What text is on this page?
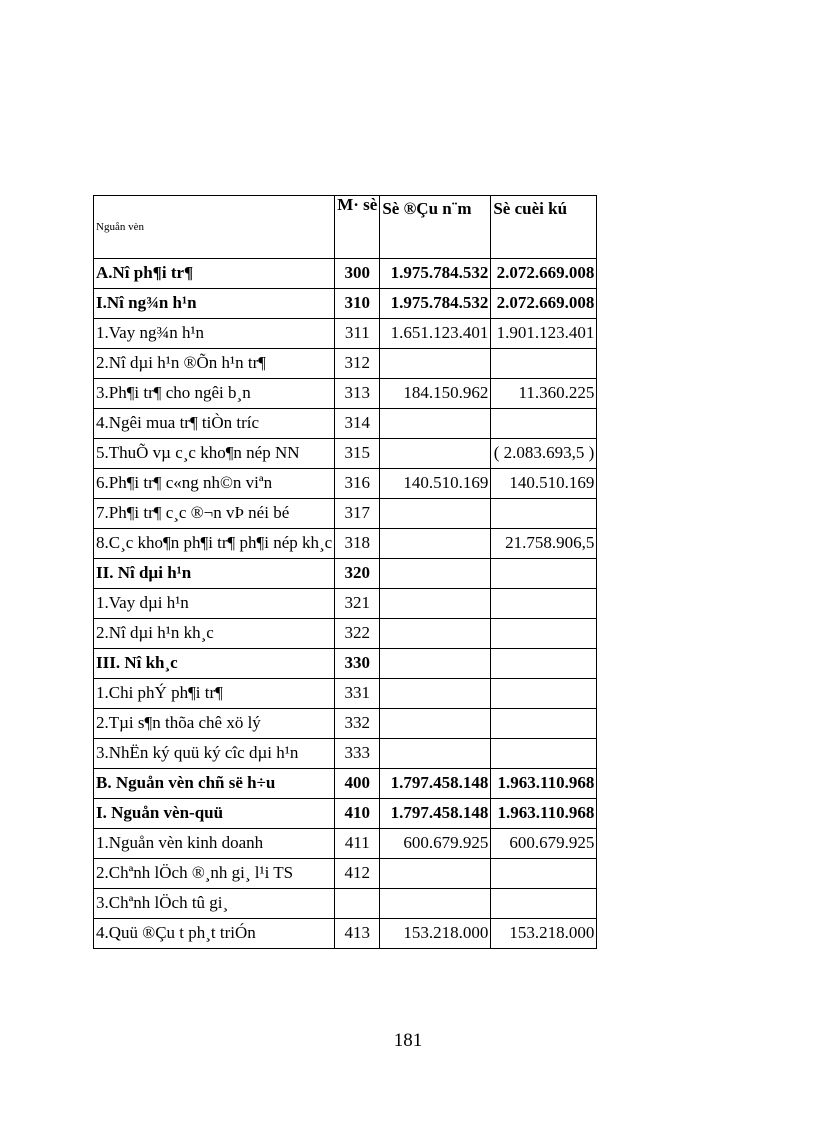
Nguån vèn	M· sè	Sè ®Çu n¨m	Sè cuèi kú
A.Nî ph¶i tr¶	300	1.975.784.532	2.072.669.008
I.Nî ng¾n h¹n	310	1.975.784.532	2.072.669.008
1.Vay ng¾n h¹n	311	1.651.123.401	1.901.123.401
2.Nî dµi h¹n ®Õn h¹n tr¶	312		
3.Ph¶i tr¶ cho ngêi b¸n	313	184.150.962	11.360.225
4.Ngêi mua tr¶ tiÒn tríc	314		
5.ThuÕ vµ c¸c kho¶n nép NN	315		( 2.083.693,5 )
6.Ph¶i tr¶ c«ng nh©n viªn	316	140.510.169	140.510.169
7.Ph¶i tr¶ c¸c ®¬n vÞ néi bé	317		
8.C¸c kho¶n ph¶i tr¶ ph¶i nép kh¸c	318		21.758.906,5
II. Nî dµi h¹n	320		
1.Vay dµi h¹n	321		
2.Nî dµi h¹n kh¸c	322		
III. Nî kh¸c	330		
1.Chi phÝ ph¶i tr¶	331		
2.Tµi s¶n thõa chê xö lý	332		
3.NhËn ký quü ký cîc dµi h¹n	333		
B. Nguån vèn chñ së h÷u	400	1.797.458.148	1.963.110.968
I. Nguån vèn-quü	410	1.797.458.148	1.963.110.968
1.Nguån vèn kinh doanh	411	600.679.925	600.679.925
2.Chªnh lÖch ®¸nh gi¸ l¹i TS	412		
3.Chªnh lÖch tû gi¸			
4.Quü ®Çu t ph¸t triÓn	413	153.218.000	153.218.000
181
